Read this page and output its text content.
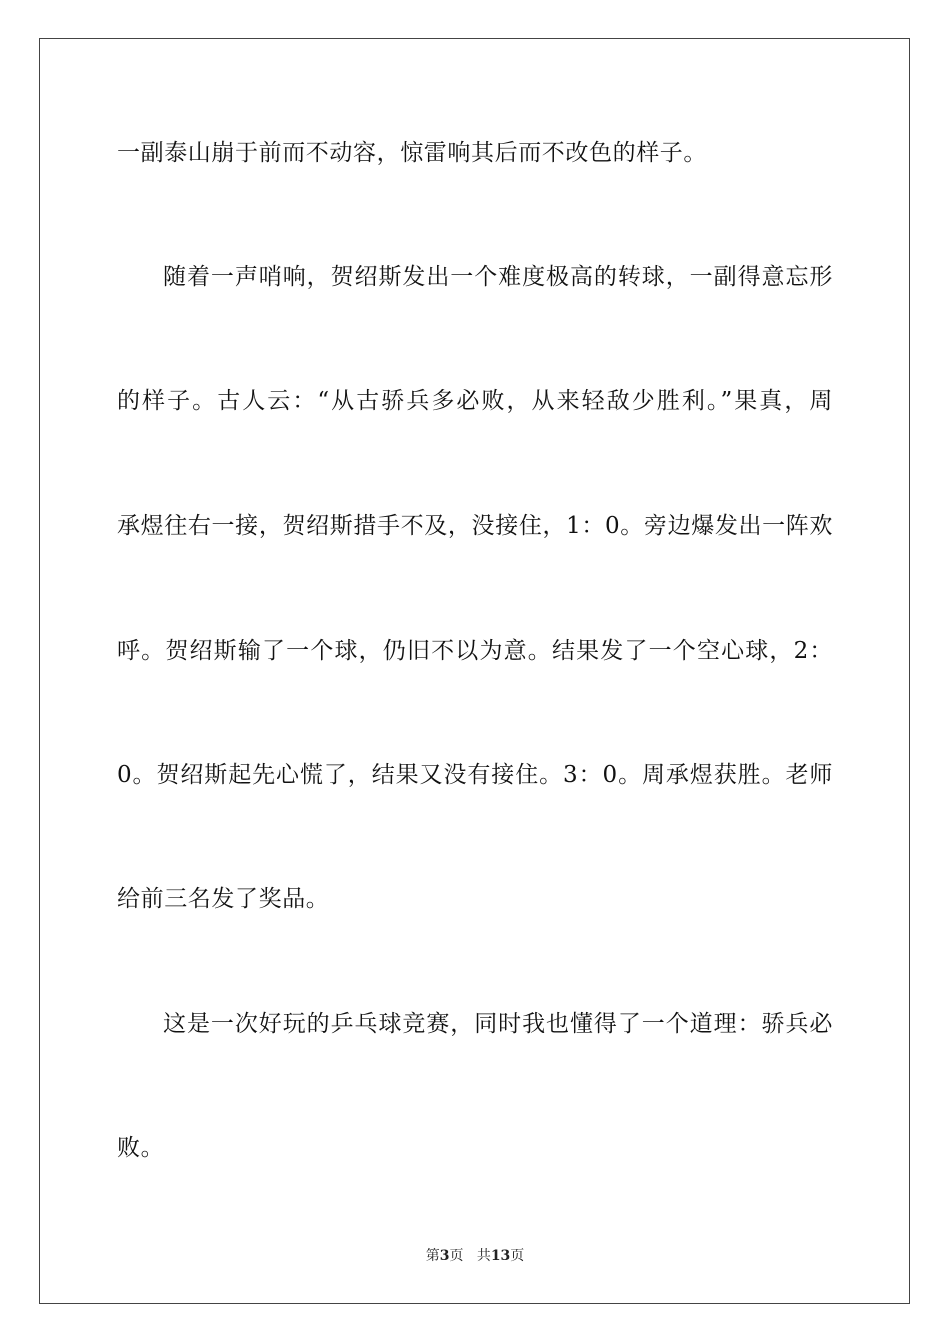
一副泰山崩于前而不动容，惊雷响其后而不改色的样子。
随着一声哨响，贺绍斯发出一个难度极高的转球，一副得意忘形
的样子。古人云：“从古骄兵多必败，从来轻敌少胜利。”果真，周
承煜往右一接，贺绍斯措手不及，没接住，1：0。旁边爆发出一阵欢
呼。贺绍斯输了一个球，仍旧不以为意。结果发了一个空心球，2：
0。贺绍斯起先心慌了，结果又没有接住。3：0。周承煜获胜。老师
给前三名发了奖品。
这是一次好玩的乒乓球竞赛，同时我也懂得了一个道理：骄兵必
败。
第3页 共13页
